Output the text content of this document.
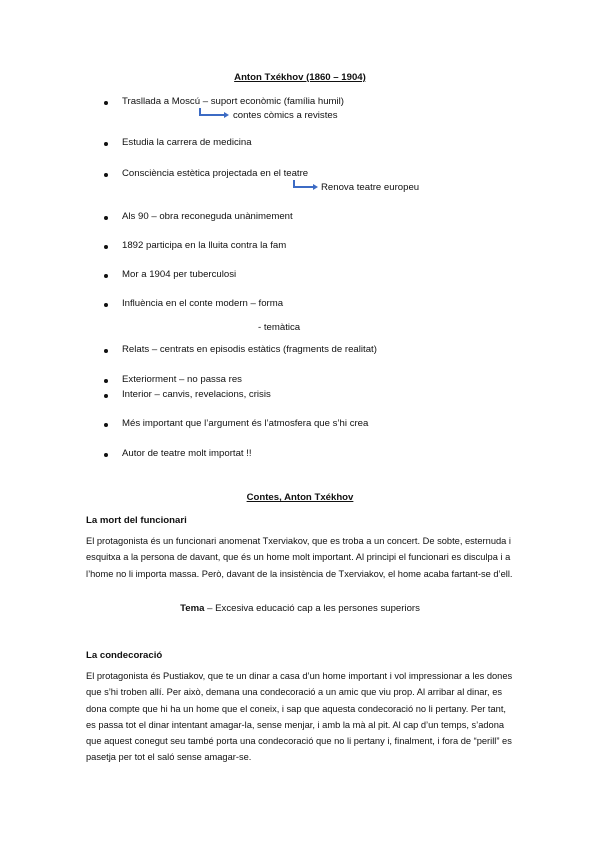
Anton Txékhov (1860 – 1904)
Traslladа a Moscú – suport econòmic (família humil)
contes còmics a revistes
Estudia la carrera de medicina
Consciència estètica projectada en el teatre
Renova teatre europeu
Als 90 – obra reconeguda unànimement
1892 participa en la lluita contra la fam
Mor a 1904 per tuberculosi
Influència en el conte modern – forma
- temàtica
Relats – centrats en episodis estàtics (fragments de realitat)
Exteriorment – no passa res
Interior – canvis, revelacions, crisis
Més important que l’argument és l’atmosfera que s’hi crea
Autor de teatre molt importat !!
Contes, Anton Txékhov
La mort del funcionari
El protagonista és un funcionari anomenat Txerviakov, que es troba a un concert. De sobte, esternuda i esquitxa a la persona de davant, que és un home molt important. Al principi el funcionari es disculpa i a l’home no li importa massa. Però, davant de la insistència de Txerviakov, el home acaba fartant-se d’ell.
Tema – Excesiva educació cap a les persones superiors
La condecoració
El protagonista és Pustiakov, que te un dinar a casa d’un home important i vol impressionar a les dones que s’hi troben allí. Per això, demana una condecoració a un amic que viu prop. Al arribar al dinar, es dona compte que hi ha un home que el coneix, i sap que aquesta condecoració no li pertany. Per tant, es passa tot el dinar intentant amagar-la, sense menjar, i amb la mà al pit. Al cap d’un temps, s’adona que aquest conegut seu també porta una condecoració que no li pertany i, finalment, i fora de “perill” es pasetja per tot el saló sense amagar-se.
